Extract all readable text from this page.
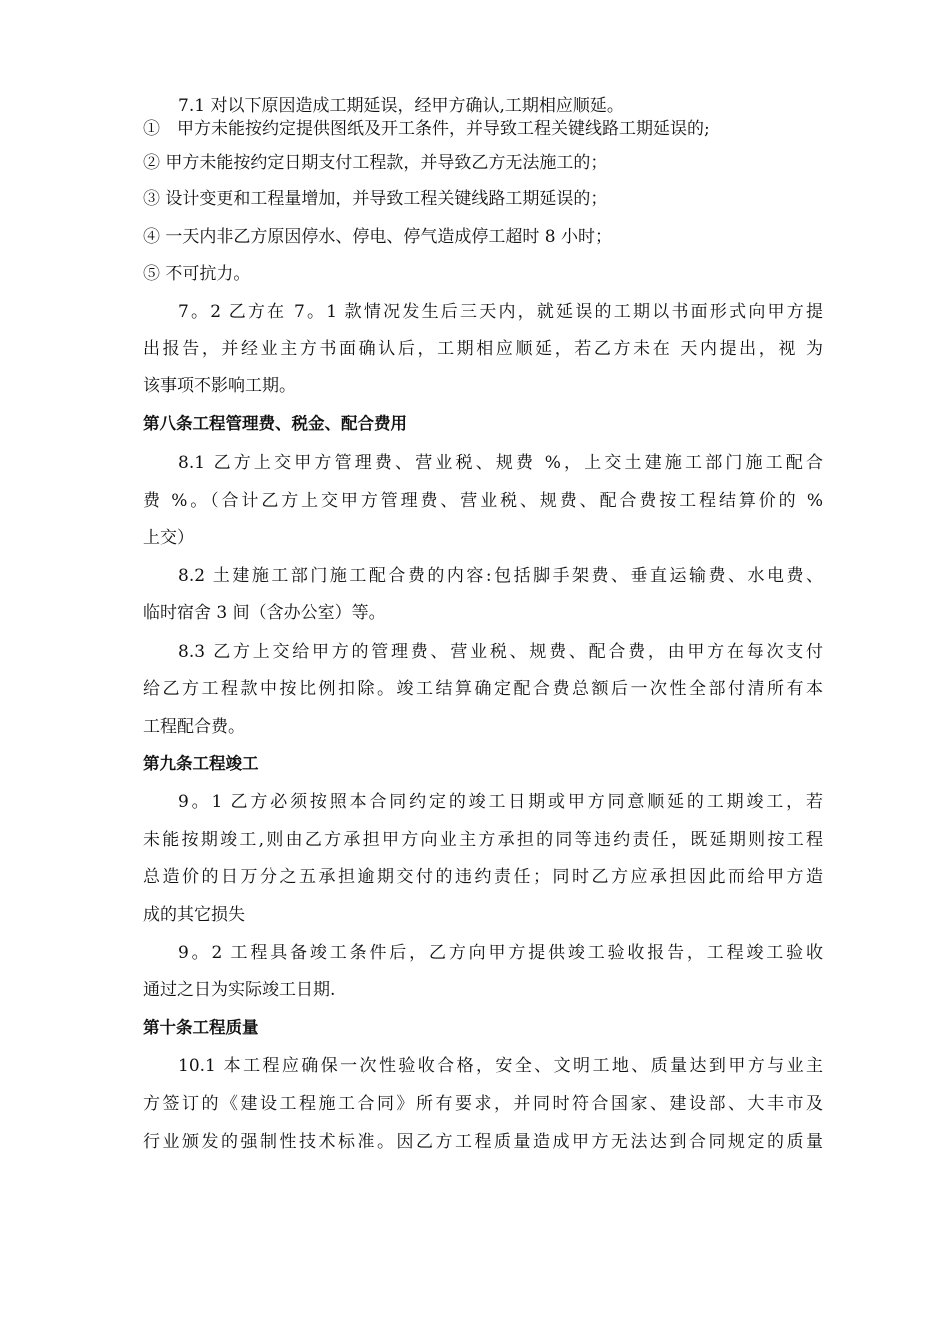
7.1 对以下原因造成工期延误，经甲方确认,工期相应顺延。
①　甲方未能按约定提供图纸及开工条件，并导致工程关键线路工期延误的;
② 甲方未能按约定日期支付工程款，并导致乙方无法施工的；
③ 设计变更和工程量增加，并导致工程关键线路工期延误的；
④ 一天内非乙方原因停水、停电、停气造成停工超时 8 小时；
⑤ 不可抗力。
7。2 乙方在 7。1 款情况发生后三天内，就延误的工期以书面形式向甲方提
出报告，并经业主方书面确认后，工期相应顺延，若乙方未在 天内提出，视 为
该事项不影响工期。
第八条工程管理费、税金、配合费用
8.1 乙方上交甲方管理费、营业税、规费 %，上交土建施工部门施工配合
费 %。（合计乙方上交甲方管理费、营业税、规费、配合费按工程结算价的 %
上交）
8.2 土建施工部门施工配合费的内容:包括脚手架费、垂直运输费、水电费、
临时宿舍 3 间（含办公室）等。
8.3 乙方上交给甲方的管理费、营业税、规费、配合费，由甲方在每次支付
给乙方工程款中按比例扣除。竣工结算确定配合费总额后一次性全部付清所有本
工程配合费。
第九条工程竣工
9。1 乙方必须按照本合同约定的竣工日期或甲方同意顺延的工期竣工，若
未能按期竣工,则由乙方承担甲方向业主方承担的同等违约责任，既延期则按工程
总造价的日万分之五承担逾期交付的违约责任；同时乙方应承担因此而给甲方造
成的其它损失
9。2 工程具备竣工条件后，乙方向甲方提供竣工验收报告，工程竣工验收
通过之日为实际竣工日期.
第十条工程质量
10.1 本工程应确保一次性验收合格，安全、文明工地、质量达到甲方与业主
方签订的《建设工程施工合同》所有要求，并同时符合国家、建设部、大丰市及
行业颁发的强制性技术标准。因乙方工程质量造成甲方无法达到合同规定的质量
